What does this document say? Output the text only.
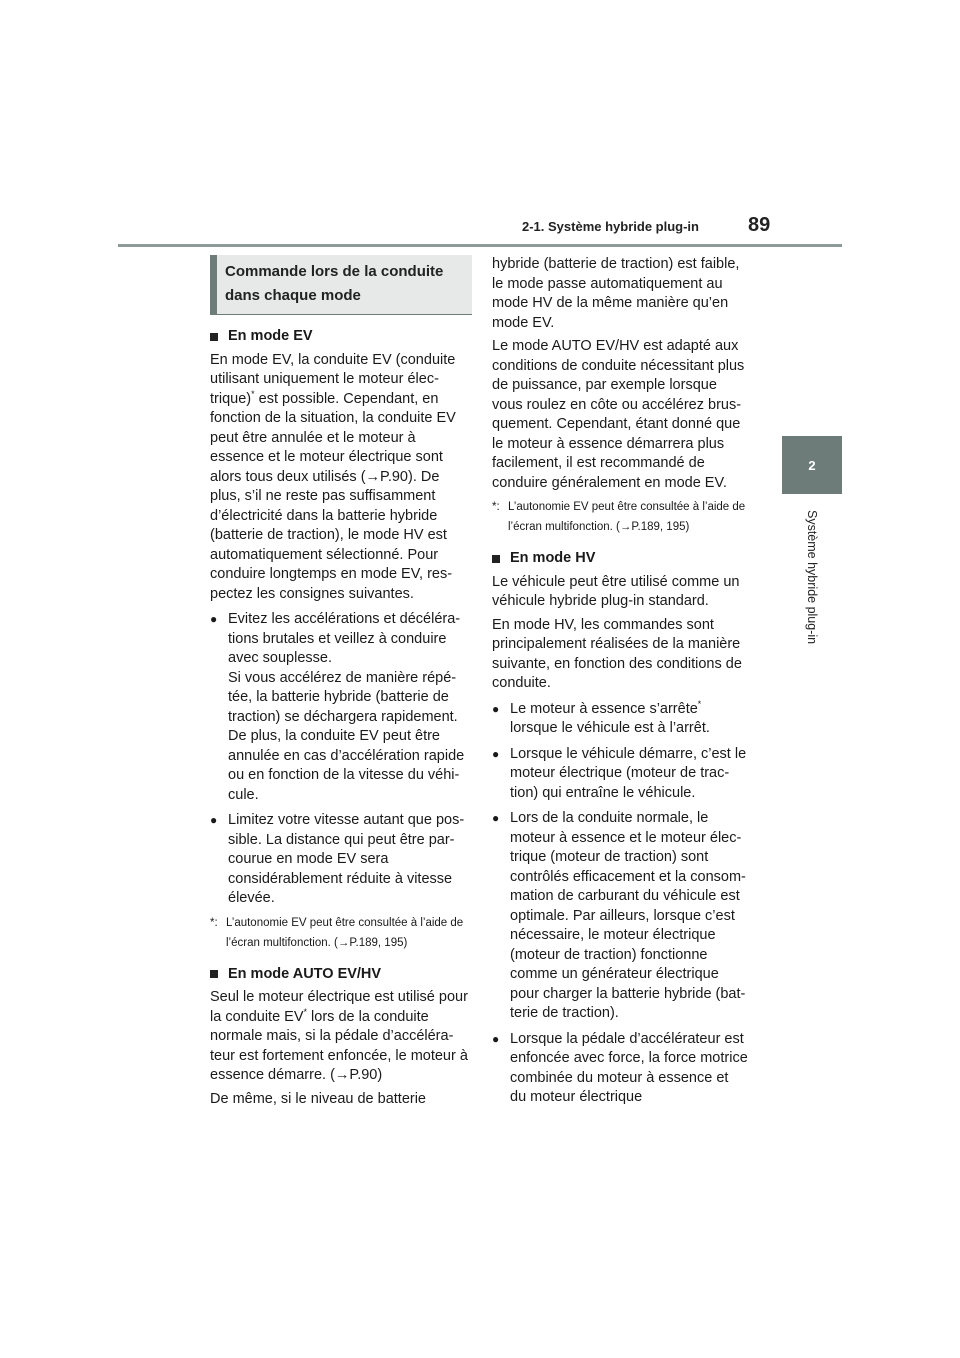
2-1. Système hybride plug-in 89
2
Système hybride plug-in
Commande lors de la conduite dans chaque mode
En mode EV

En mode EV, la conduite EV (conduite utilisant uniquement le moteur élec-trique)* est possible. Cependant, en fonction de la situation, la conduite EV peut être annulée et le moteur à essence et le moteur électrique sont alors tous deux utilisés (→P.90). De plus, s’il ne reste pas suffisamment d’électricité dans la batterie hybride (batterie de traction), le mode HV est automatiquement sélectionné. Pour conduire longtemps en mode EV, res-pectez les consignes suivantes.

● Evitez les accélérations et décéléra-tions brutales et veillez à conduire avec souplesse.
Si vous accélérez de manière répé-tée, la batterie hybride (batterie de traction) se déchargera rapidement. De plus, la conduite EV peut être annulée en cas d’accélération rapide ou en fonction de la vitesse du véhi-cule.
● Limitez votre vitesse autant que pos-sible. La distance qui peut être par-courue en mode EV sera considérablement réduite à vitesse élevée.
*: L’autonomie EV peut être consultée à l’aide de l’écran multifonction. (→P.189, 195)
En mode AUTO EV/HV

Seul le moteur électrique est utilisé pour la conduite EV* lors de la conduite normale mais, si la pédale d’accéléra-teur est fortement enfoncée, le moteur à essence démarre. (→P.90)

De même, si le niveau de batterie

hybride (batterie de traction) est faible, le mode passe automatiquement au mode HV de la même manière qu’en mode EV.

Le mode AUTO EV/HV est adapté aux conditions de conduite nécessitant plus de puissance, par exemple lorsque vous roulez en côte ou accélérez brus-quement. Cependant, étant donné que le moteur à essence démarrera plus facilement, il est recommandé de conduire généralement en mode EV.

*: L’autonomie EV peut être consultée à l’aide de l’écran multifonction. (→P.189, 195)
En mode HV

Le véhicule peut être utilisé comme un véhicule hybride plug-in standard.

En mode HV, les commandes sont principalement réalisées de la manière suivante, en fonction des conditions de conduite.

● Le moteur à essence s’arrête* lorsque le véhicule est à l’arrêt.
● Lorsque le véhicule démarre, c’est le moteur électrique (moteur de trac-tion) qui entraîne le véhicule.
● Lors de la conduite normale, le moteur à essence et le moteur élec-trique (moteur de traction) sont contrôlés efficacement et la consom-mation de carburant du véhicule est optimale. Par ailleurs, lorsque c’est nécessaire, le moteur électrique (moteur de traction) fonctionne comme un générateur électrique pour charger la batterie hybride (bat-terie de traction).
● Lorsque la pédale d’accélérateur est enfoncée avec force, la force motrice combinée du moteur à essence et du moteur électrique
